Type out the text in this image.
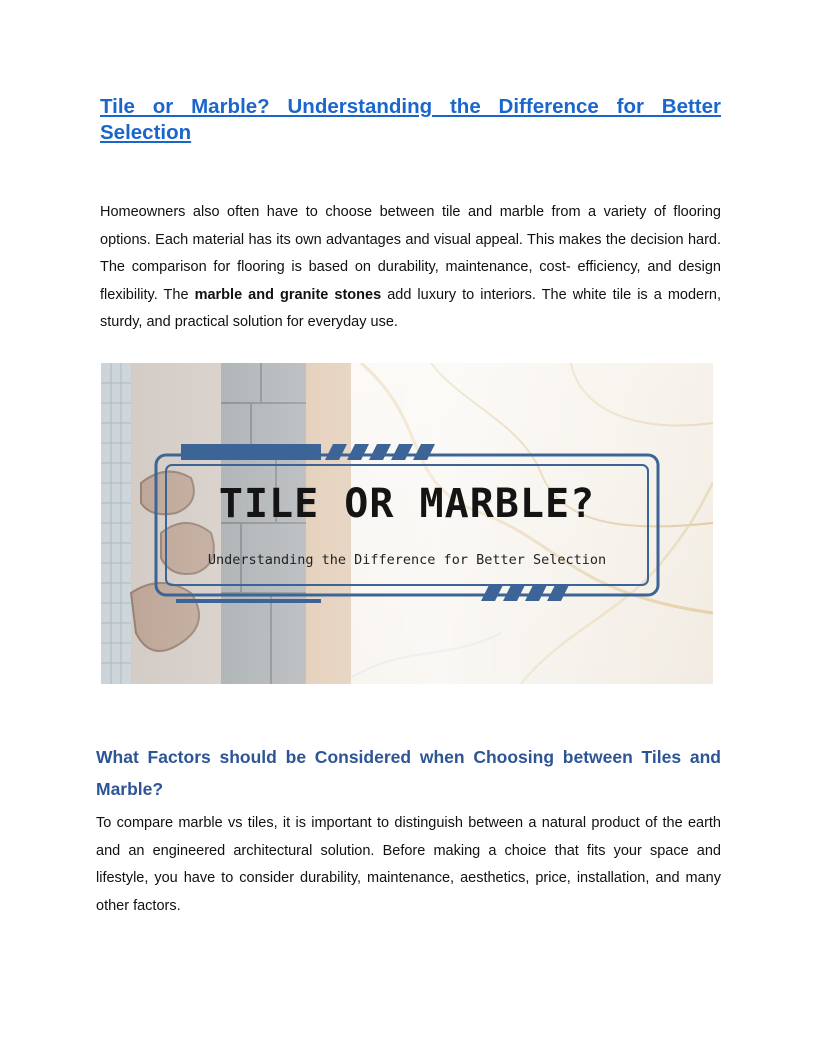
Tile or Marble? Understanding the Difference for Better Selection

Homeowners also often have to choose between tile and marble from a variety of flooring options. Each material has its own advantages and visual appeal. This makes the decision hard. The comparison for flooring is based on durability, maintenance, cost- efficiency, and design flexibility. The marble and granite stones add luxury to interiors. The white tile is a modern, sturdy, and practical solution for everyday use.

TILE OR MARBLE?

Understanding the Difference for Better Selection

What Factors should be Considered when Choosing between Tiles and Marble?

To compare marble vs tiles, it is important to distinguish between a natural product of the earth and an engineered architectural solution. Before making a choice that fits your space and lifestyle, you have to consider durability, maintenance, aesthetics, price, installation, and many other factors.
